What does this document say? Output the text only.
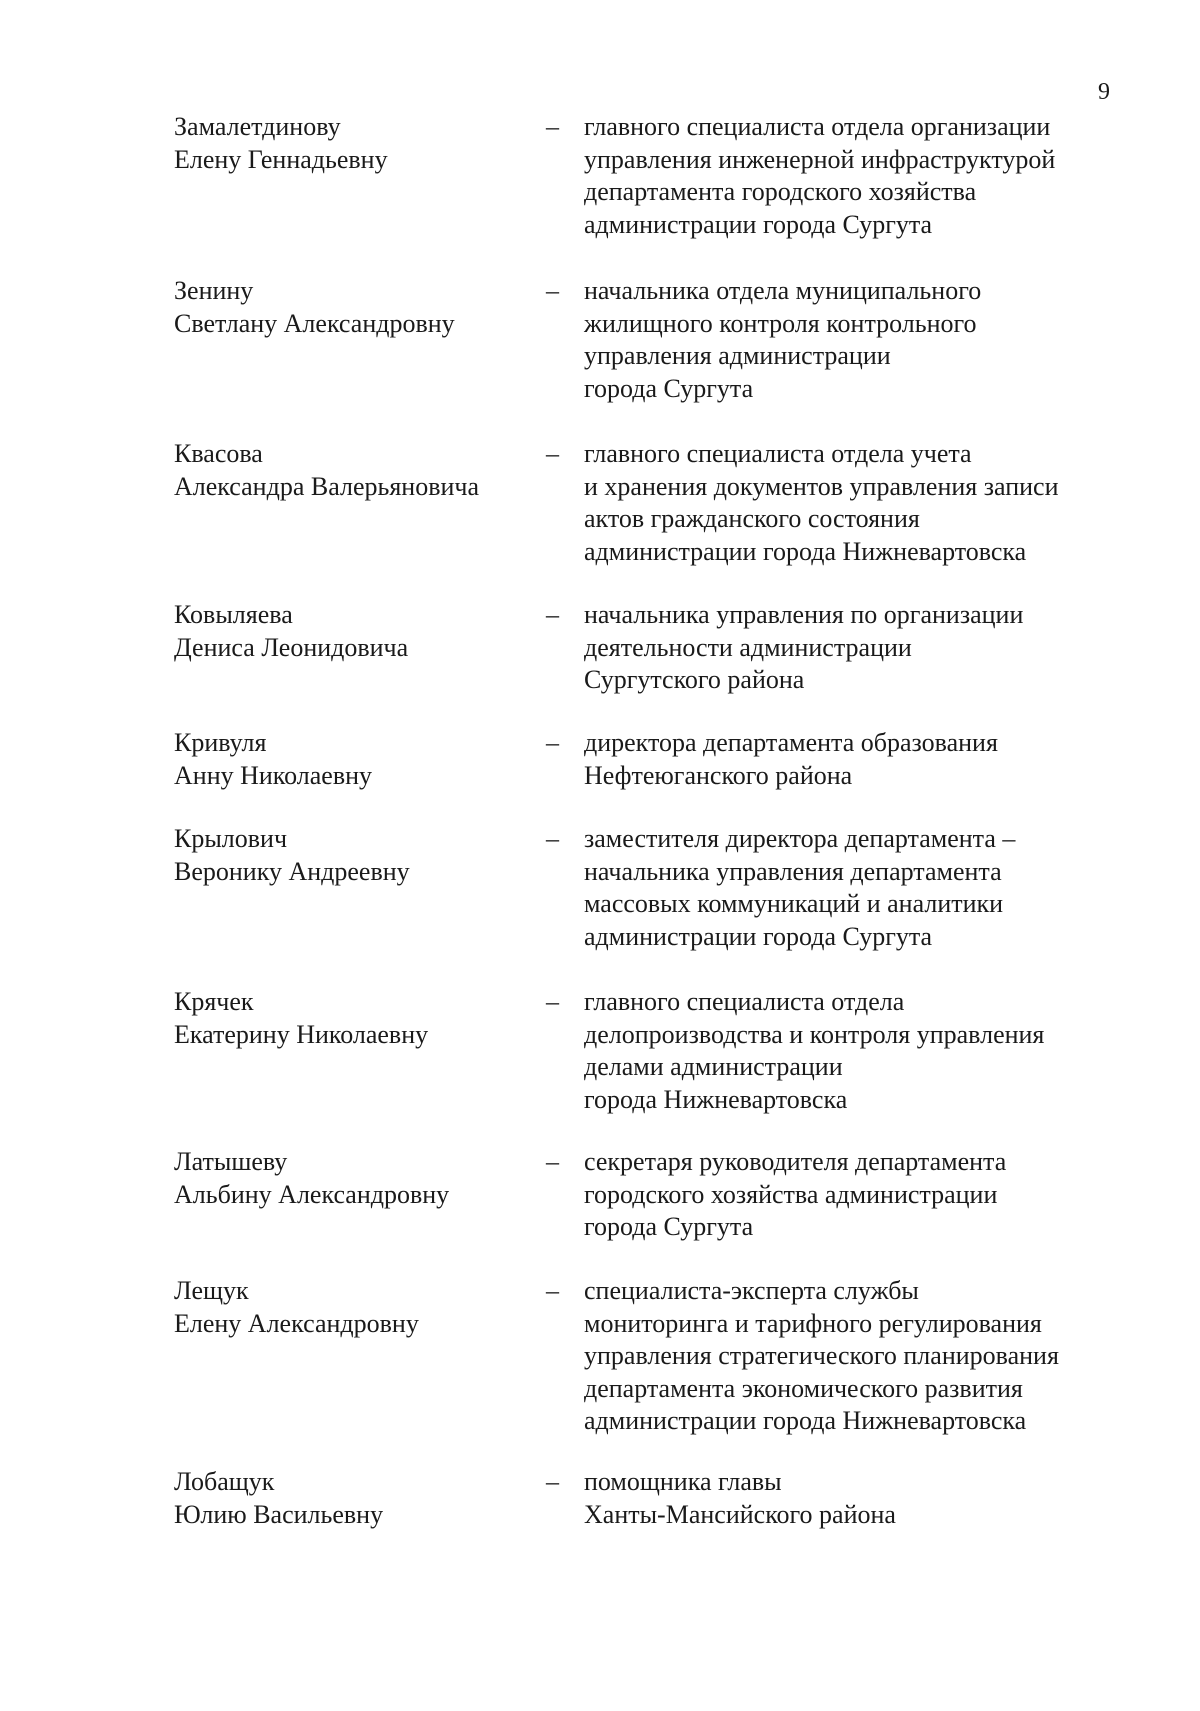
9
Замалетдинову
Елену Геннадьевну
– главного специалиста отдела организации
управления инженерной инфраструктурой
департамента городского хозяйства
администрации города Сургута
Зенину
Светлану Александровну
– начальника отдела муниципального
жилищного контроля контрольного
управления администрации
города Сургута
Квасова
Александра Валерьяновича
– главного специалиста отдела учета
и хранения документов управления записи
актов гражданского состояния
администрации города Нижневартовска
Ковыляева
Дениса Леонидовича
– начальника управления по организации
деятельности администрации
Сургутского района
Кривуля
Анну Николаевну
– директора департамента образования
Нефтеюганского района
Крылович
Веронику Андреевну
– заместителя директора департамента –
начальника управления департамента
массовых коммуникаций и аналитики
администрации города Сургута
Крячек
Екатерину Николаевну
– главного специалиста отдела
делопроизводства и контроля управления
делами администрации
города Нижневартовска
Латышеву
Альбину Александровну
– секретаря руководителя департамента
городского хозяйства администрации
города Сургута
Лещук
Елену Александровну
– специалиста-эксперта службы
мониторинга и тарифного регулирования
управления стратегического планирования
департамента экономического развития
администрации города Нижневартовска
Лобащук
Юлию Васильевну
– помощника главы
Ханты-Мансийского района
